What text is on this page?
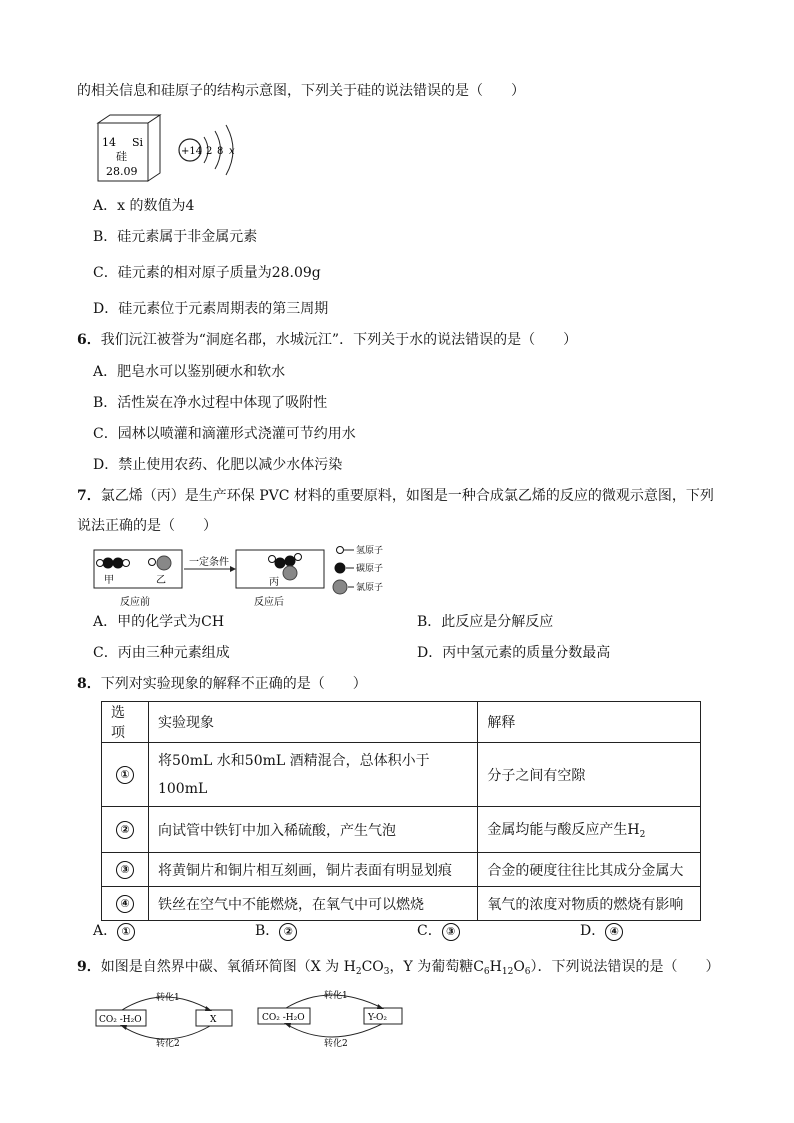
的相关信息和硅原子的结构示意图，下列关于硅的说法错误的是（　　）
14 Si
硅
28.09
+14 2 8 x
A．x 的数值为4
B．硅元素属于非金属元素
C．硅元素的相对原子质量为28.09g
D．硅元素位于元素周期表的第三周期
6．我们沅江被誉为“洞庭名郡，水城沅江”．下列关于水的说法错误的是（　　）
A．肥皂水可以鉴别硬水和软水
B．活性炭在净水过程中体现了吸附性
C．园林以喷灌和滴灌形式浇灌可节约用水
D．禁止使用农药、化肥以减少水体污染
7．氯乙烯（丙）是生产环保 PVC 材料的重要原料，如图是一种合成氯乙烯的反应的微观示意图，下列
说法正确的是（　　）
甲	乙
一定条件
丙
反应前	反应后
氢原子
碳原子
氯原子
A．甲的化学式为CH	B．此反应是分解反应
C．丙由三种元素组成	D．丙中氢元素的质量分数最高
8．下列对实验现象的解释不正确的是（　　）
选项	实验现象	解释
①	将50mL 水和50mL 酒精混合，总体积小于
100mL	分子之间有空隙
②	向试管中铁钉中加入稀硫酸，产生气泡	金属均能与酸反应产生$H_2$
③	将黄铜片和铜片相互刻画，铜片表面有明显划痕	合金的硬度往往比其成分金属大
④	铁丝在空气中不能燃烧，在氧气中可以燃烧	氧气的浓度对物质的燃烧有影响
A． ①	B． ②	C． ③	D． ④
9．如图是自然界中碳、氧循环简图（X 为 $H_2CO_3$，Y 为葡萄糖$C_6H_{12}O_6$）．下列说法错误的是（　　）
CO₂ -H₂O	X
转化1
转化2
CO₂ -H₂O	Y-O₂
转化1
转化2
